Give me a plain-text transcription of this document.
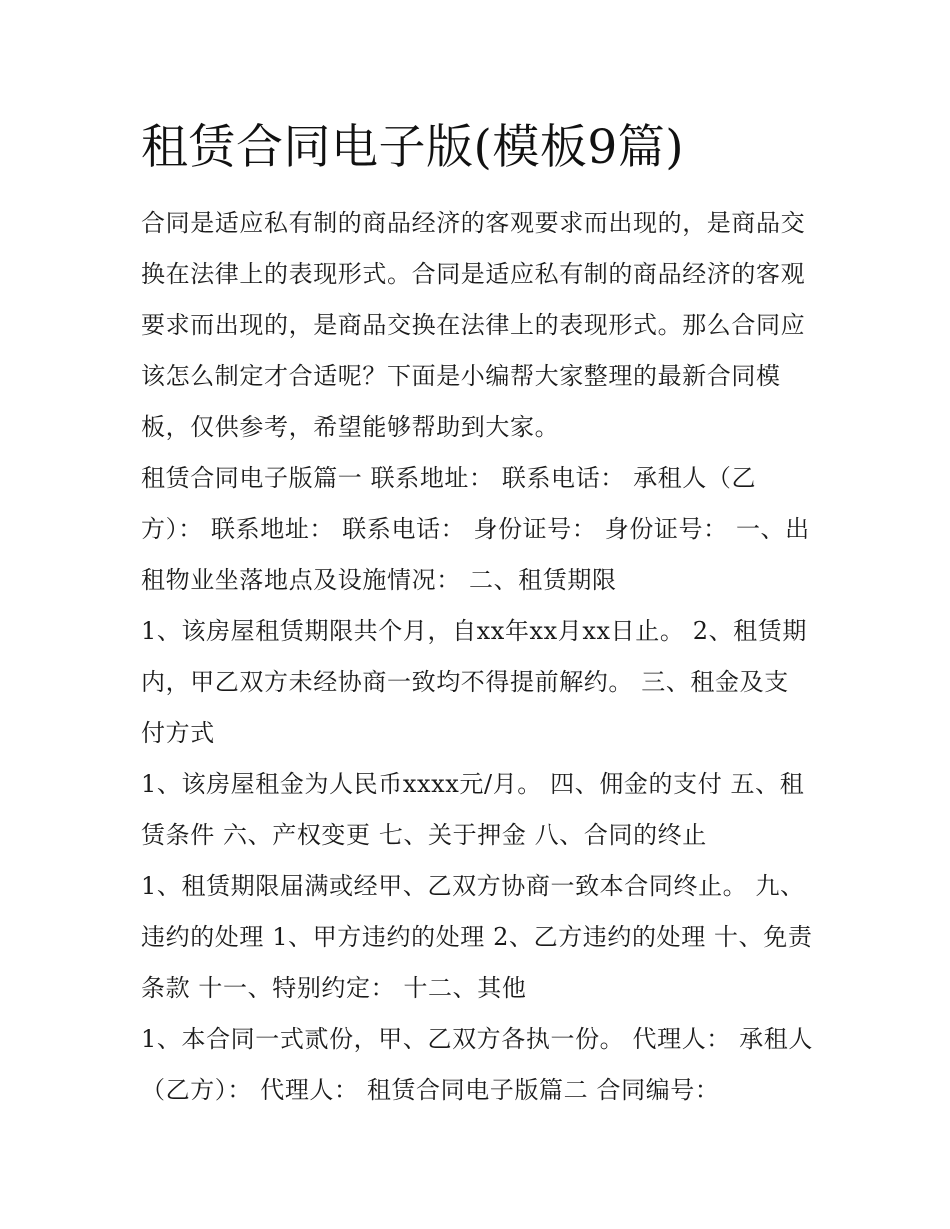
租赁合同电子版(模板9篇)

合同是适应私有制的商品经济的客观要求而出现的，是商品交换在法律上的表现形式。合同是适应私有制的商品经济的客观要求而出现的，是商品交换在法律上的表现形式。那么合同应该怎么制定才合适呢？下面是小编帮大家整理的最新合同模板，仅供参考，希望能够帮助到大家。

租赁合同电子版篇一 联系地址： 联系电话： 承租人（乙方）： 联系地址： 联系电话： 身份证号： 身份证号： 一、出租物业坐落地点及设施情况： 二、租赁期限

1、该房屋租赁期限共个月，自xx年xx月xx日止。 2、租赁期内，甲乙双方未经协商一致均不得提前解约。 三、租金及支付方式

1、该房屋租金为人民币xxxx元/月。 四、佣金的支付 五、租赁条件 六、产权变更 七、关于押金 八、合同的终止

1、租赁期限届满或经甲、乙双方协商一致本合同终止。 九、违约的处理 1、甲方违约的处理 2、乙方违约的处理 十、免责条款 十一、特别约定： 十二、其他

1、本合同一式贰份，甲、乙双方各执一份。 代理人： 承租人（乙方）： 代理人： 租赁合同电子版篇二 合同编号：
